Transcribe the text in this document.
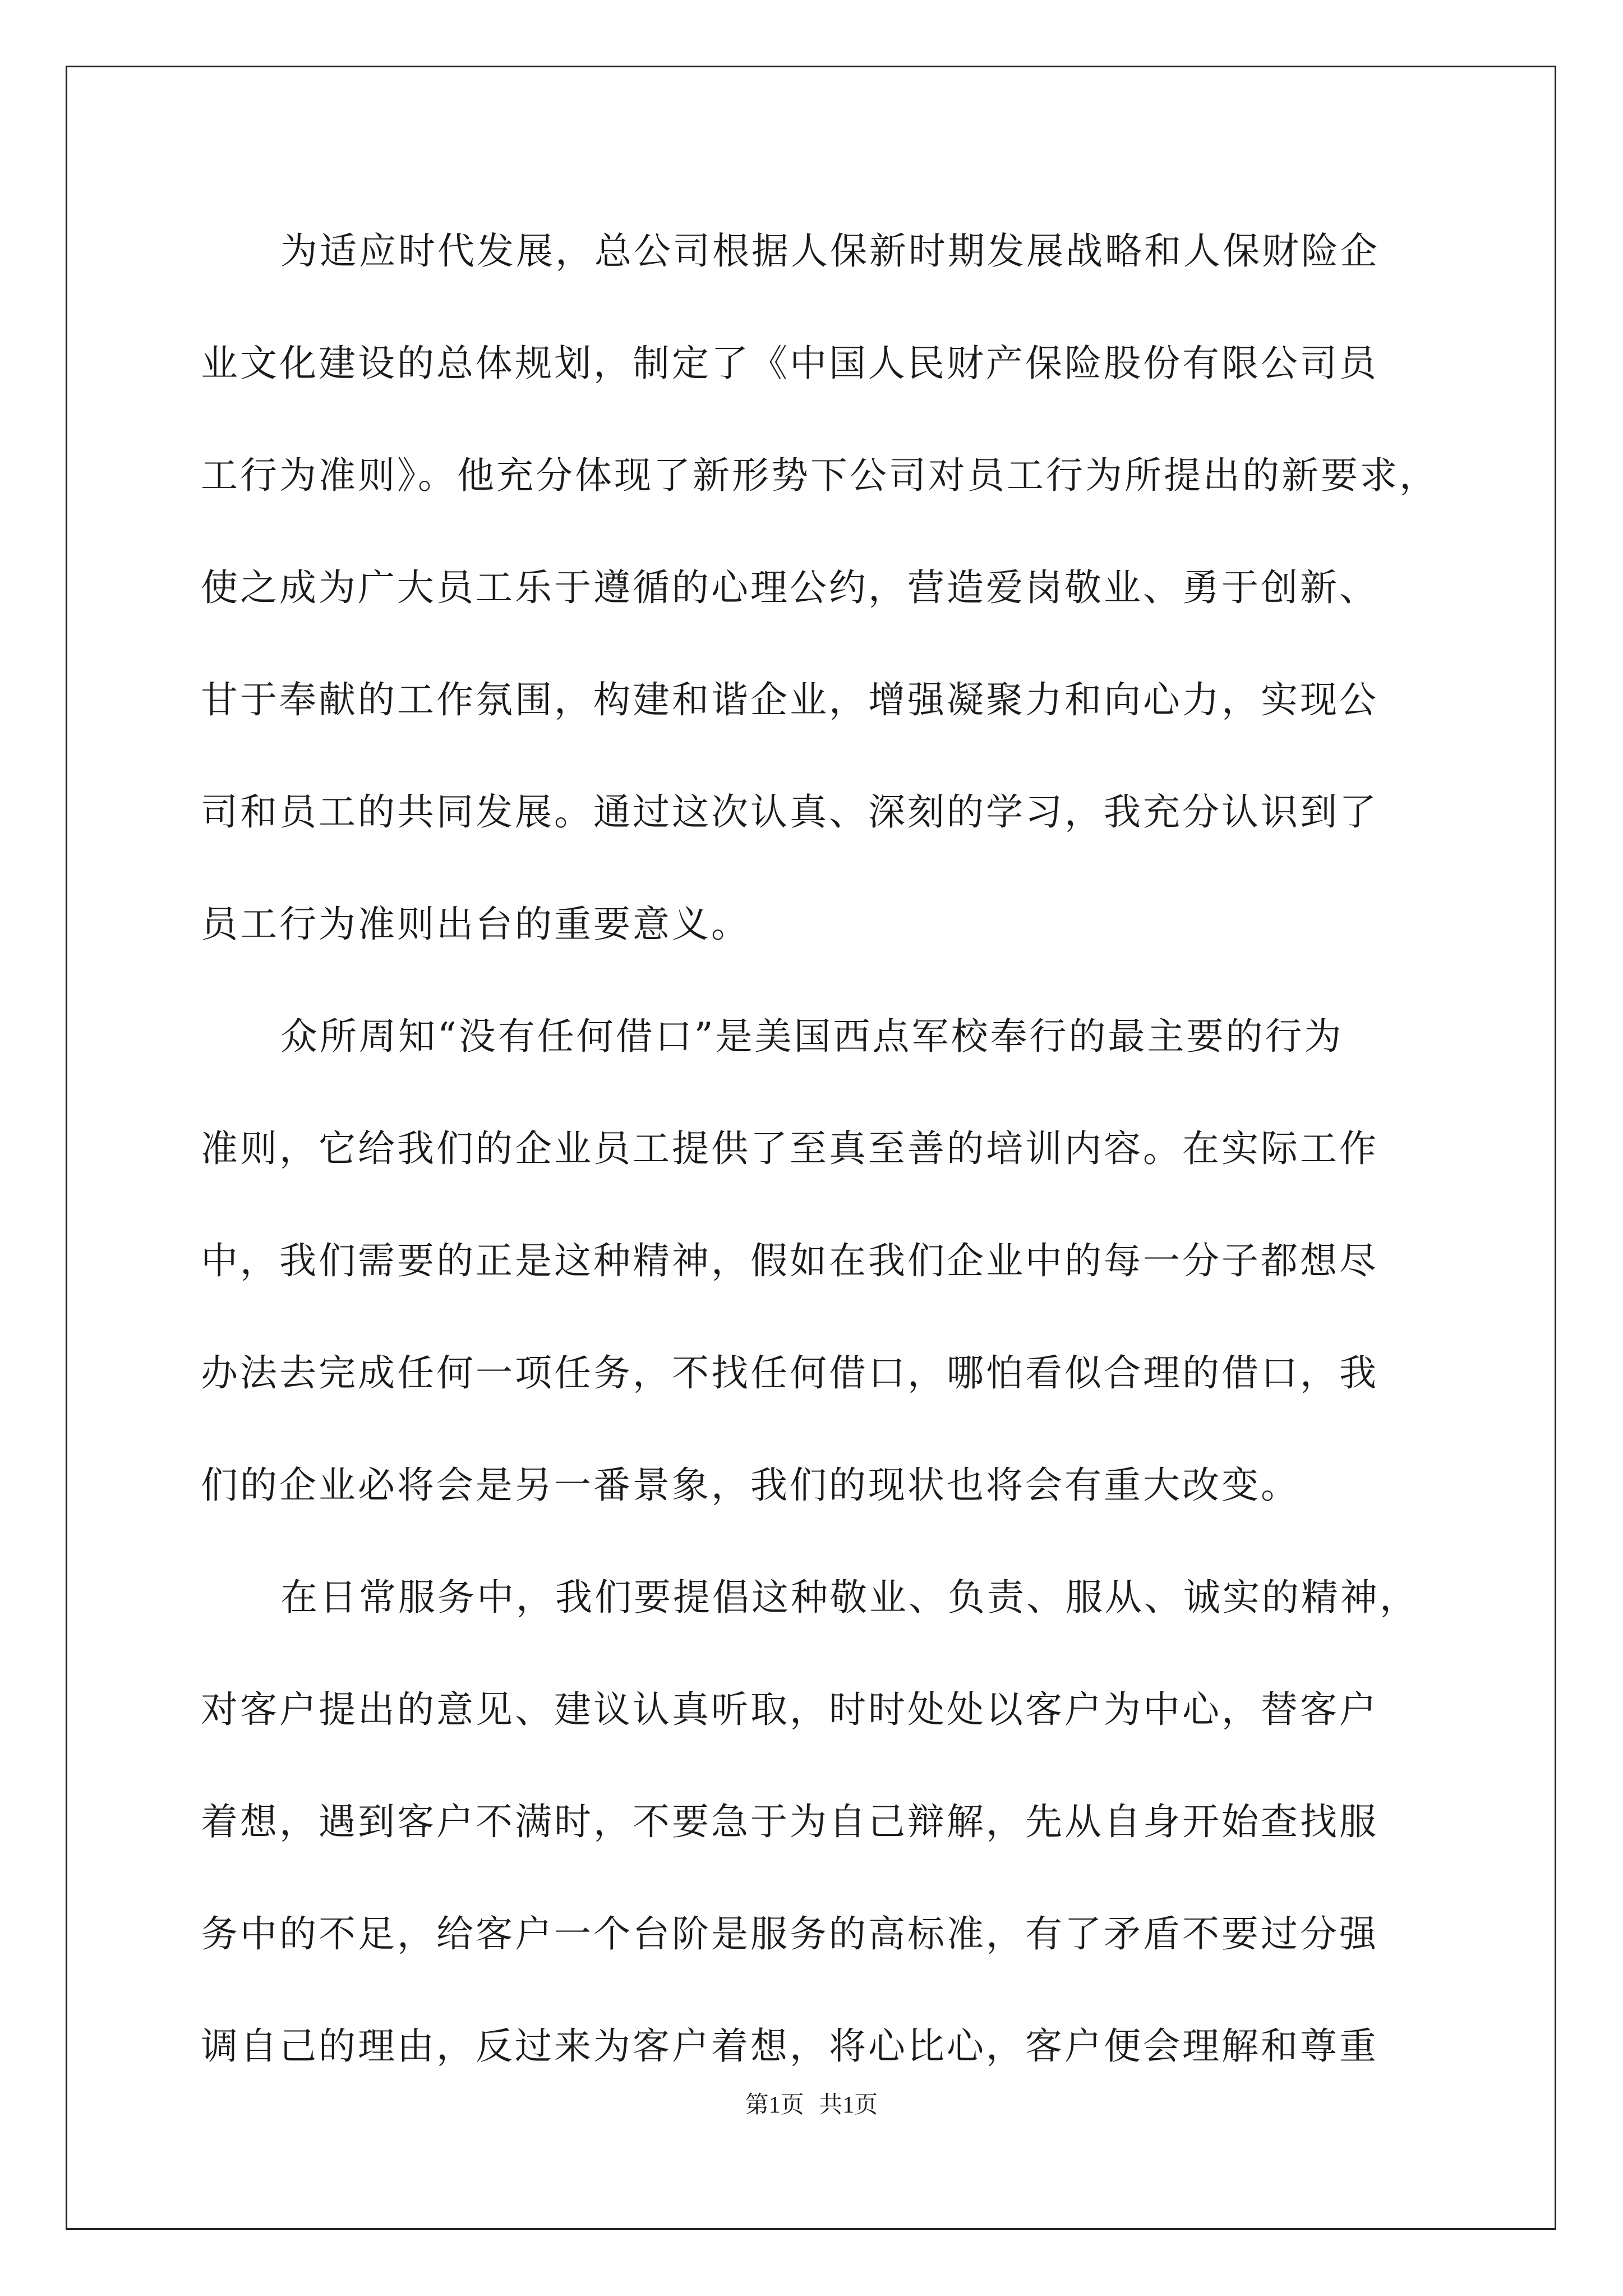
为适应时代发展，总公司根据人保新时期发展战略和人保财险企
业文化建设的总体规划，制定了《中国人民财产保险股份有限公司员
工行为准则》。他充分体现了新形势下公司对员工行为所提出的新要求，
使之成为广大员工乐于遵循的心理公约，营造爱岗敬业、勇于创新、
甘于奉献的工作氛围，构建和谐企业，增强凝聚力和向心力，实现公
司和员工的共同发展。通过这次认真、深刻的学习，我充分认识到了
员工行为准则出台的重要意义。
众所周知“没有任何借口”是美国西点军校奉行的最主要的行为
准则，它给我们的企业员工提供了至真至善的培训内容。在实际工作
中，我们需要的正是这种精神，假如在我们企业中的每一分子都想尽
办法去完成任何一项任务，不找任何借口，哪怕看似合理的借口，我
们的企业必将会是另一番景象，我们的现状也将会有重大改变。
在日常服务中，我们要提倡这种敬业、负责、服从、诚实的精神，
对客户提出的意见、建议认真听取，时时处处以客户为中心，替客户
着想，遇到客户不满时，不要急于为自己辩解，先从自身开始查找服
务中的不足，给客户一个台阶是服务的高标准，有了矛盾不要过分强
调自己的理由，反过来为客户着想，将心比心，客户便会理解和尊重
第1页 共1页
